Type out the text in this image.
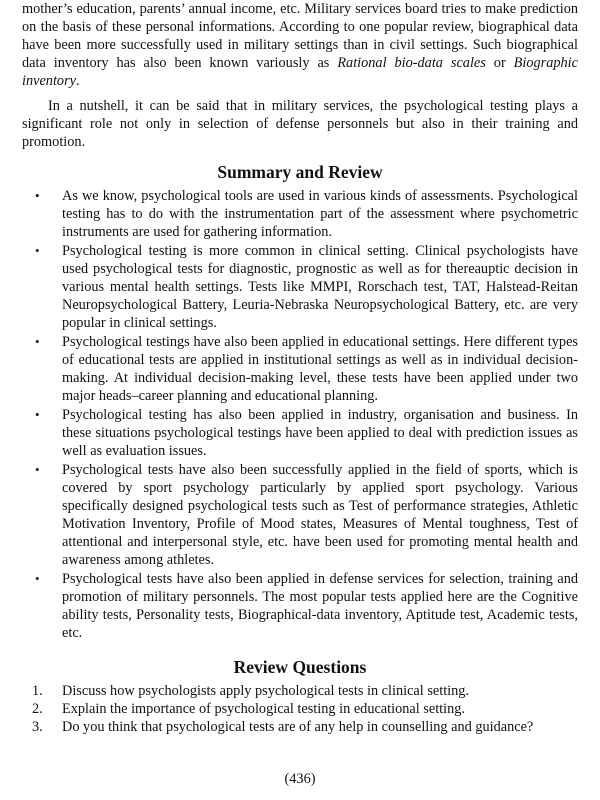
mother’s education, parents’ annual income, etc. Military services board tries to make prediction on the basis of these personal informations. According to one popular review, biographical data have been more successfully used in military settings than in civil settings. Such biographical data inventory has also been known variously as Rational bio-data scales or Biographic inventory.

In a nutshell, it can be said that in military services, the psychological testing plays a significant role not only in selection of defense personnels but also in their training and promotion.

Summary and Review
• As we know, psychological tools are used in various kinds of assessments. Psychological testing has to do with the instrumentation part of the assessment where psychometric instruments are used for gathering information.
• Psychological testing is more common in clinical setting. Clinical psychologists have used psychological tests for diagnostic, prognostic as well as for thereauptic decision in various mental health settings. Tests like MMPI, Rorschach test, TAT, Halstead-Reitan Neuropsychological Battery, Leuria-Nebraska Neuropsychological Battery, etc. are very popular in clinical settings.
• Psychological testings have also been applied in educational settings. Here different types of educational tests are applied in institutional settings as well as in individual decision-making. At individual decision-making level, these tests have been applied under two major heads–career planning and educational planning.
• Psychological testing has also been applied in industry, organisation and business. In these situations psychological testings have been applied to deal with prediction issues as well as evaluation issues.
• Psychological tests have also been successfully applied in the field of sports, which is covered by sport psychology particularly by applied sport psychology. Various specifically designed psychological tests such as Test of performance strategies, Athletic Motivation Inventory, Profile of Mood states, Measures of Mental toughness, Test of attentional and interpersonal style, etc. have been used for promoting mental health and awareness among athletes.
• Psychological tests have also been applied in defense services for selection, training and promotion of military personnels. The most popular tests applied here are the Cognitive ability tests, Personality tests, Biographical-data inventory, Aptitude test, Academic tests, etc.
Review Questions
1. Discuss how psychologists apply psychological tests in clinical setting.
2. Explain the importance of psychological testing in educational setting.
3. Do you think that psychological tests are of any help in counselling and guidance?
(436)
